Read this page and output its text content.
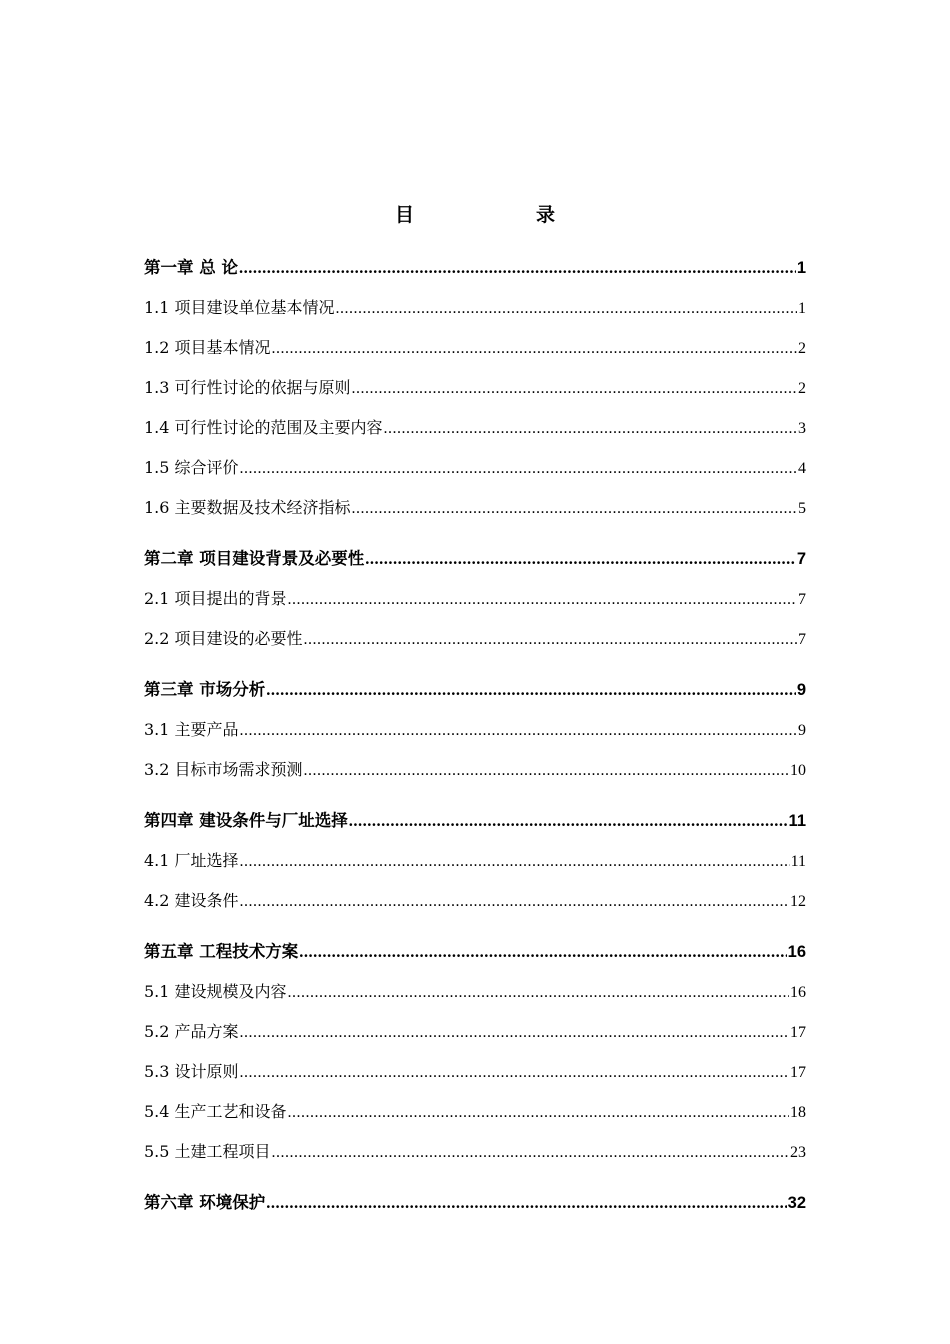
目　　录
第一章 总 论 .....	1
1.1 项目建设单位基本情况 .....	1
1.2 项目基本情况 .....	2
1.3 可行性讨论的依据与原则 .....	2
1.4 可行性讨论的范围及主要内容 .....	3
1.5 综合评价 .....	4
1.6 主要数据及技术经济指标 .....	5
第二章 项目建设背景及必要性 .....	7
2.1 项目提出的背景 .....	7
2.2 项目建设的必要性 .....	7
第三章 市场分析 .....	9
3.1 主要产品 .....	9
3.2 目标市场需求预测 .....	10
第四章 建设条件与厂址选择 .....	11
4.1 厂址选择 .....	11
4.2 建设条件 .....	12
第五章 工程技术方案 .....	16
5.1 建设规模及内容 .....	16
5.2 产品方案 .....	17
5.3 设计原则 .....	17
5.4 生产工艺和设备 .....	18
5.5 土建工程项目 .....	23
第六章 环境保护 .....	32
